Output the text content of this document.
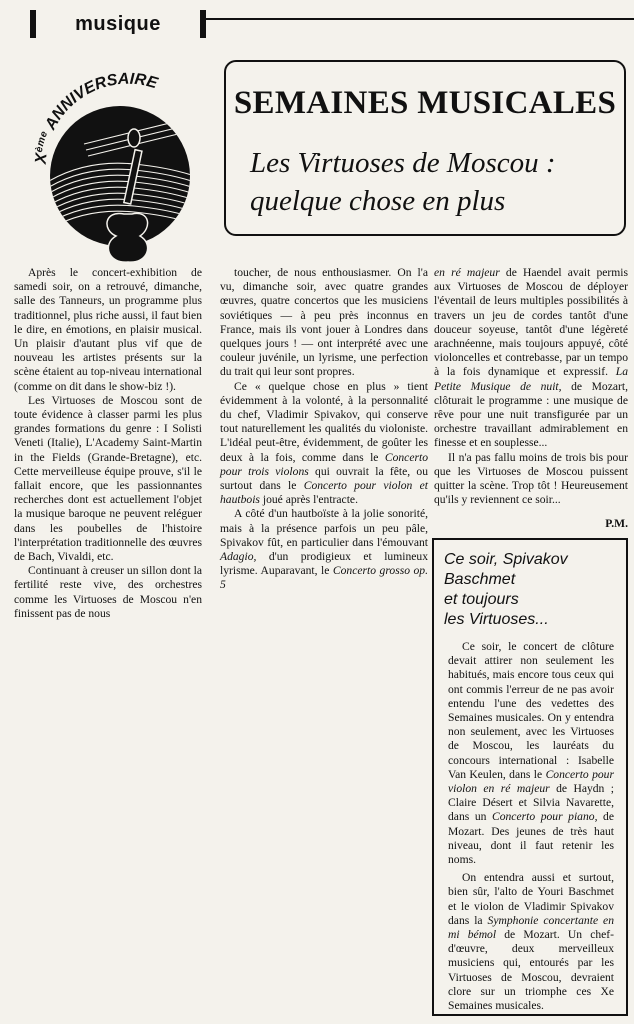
musique
Xème ANNIVERSAIRE
SEMAINES MUSICALES
Les Virtuoses de Moscou :
quelque chose en plus

Après le concert-exhibition de samedi soir, on a retrouvé, dimanche, salle des Tanneurs, un programme plus traditionnel, plus riche aussi, il faut bien le dire, en émotions, en plaisir musical. Un plaisir d'autant plus vif que de nouveau les artistes présents sur la scène étaient au top-niveau international (comme on dit dans le show-biz !).

Les Virtuoses de Moscou sont de toute évidence à classer parmi les plus grandes formations du genre : I Solisti Veneti (Italie), L'Academy Saint-Martin in the Fields (Grande-Bretagne), etc. Cette merveilleuse équipe prouve, s'il le fallait encore, que les passionnantes recherches dont est actuellement l'objet la musique baroque ne peuvent reléguer dans les poubelles de l'histoire l'interprétation traditionnelle des œuvres de Bach, Vivaldi, etc.

Continuant à creuser un sillon dont la fertilité reste vive, des orchestres comme les Virtuoses de Moscou n'en finissent pas de nous

toucher, de nous enthousiasmer. On l'a vu, dimanche soir, avec quatre grandes œuvres, quatre concertos que les musiciens soviétiques — à peu près inconnus en France, mais ils vont jouer à Londres dans quelques jours ! — ont interprété avec une couleur juvénile, un lyrisme, une perfection du trait qui leur sont propres.

Ce « quelque chose en plus » tient évidemment à la volonté, à la personnalité du chef, Vladimir Spivakov, qui conserve tout naturellement les qualités du violoniste. L'idéal peut-être, évidemment, de goûter les deux à la fois, comme dans le Concerto pour trois violons qui ouvrait la fête, ou surtout dans le Concerto pour violon et hautbois joué après l'entracte.

A côté d'un hautboïste à la jolie sonorité, mais à la présence parfois un peu pâle, Spivakov fût, en particulier dans l'émouvant Adagio, d'un prodigieux et lumineux lyrisme. Auparavant, le Concerto grosso op. 5

en ré majeur de Haendel avait permis aux Virtuoses de Moscou de déployer l'éventail de leurs multiples possibilités à travers un jeu de cordes tantôt d'une douceur soyeuse, tantôt d'une légèreté arachnéenne, mais toujours appuyé, côté violoncelles et contrebasse, par un tempo à la fois dynamique et expressif. La Petite Musique de nuit, de Mozart, clôturait le programme : une musique de rêve pour une nuit transfigurée par un orchestre travaillant admirablement en finesse et en souplesse...

Il n'a pas fallu moins de trois bis pour que les Virtuoses de Moscou puissent quitter la scène. Trop tôt ! Heureusement qu'ils y reviennent ce soir...

P.M.
Ce soir, Spivakov
Baschmet
et toujours
les Virtuoses...

Ce soir, le concert de clôture devait attirer non seulement les habitués, mais encore tous ceux qui ont commis l'erreur de ne pas avoir entendu l'une des vedettes des Semaines musicales. On y entendra non seulement, avec les Virtuoses de Moscou, les lauréats du concours international : Isabelle Van Keulen, dans le Concerto pour violon en ré majeur de Haydn ; Claire Désert et Silvia Navarette, dans un Concerto pour piano, de Mozart. Des jeunes de très haut niveau, dont il faut retenir les noms.

On entendra aussi et surtout, bien sûr, l'alto de Youri Baschmet et le violon de Vladimir Spivakov dans la Symphonie concertante en mi bémol de Mozart. Un chef-d'œuvre, deux merveilleux musiciens qui, entourés par les Virtuoses de Moscou, devraient clore sur un triomphe ces Xe Semaines musicales.
